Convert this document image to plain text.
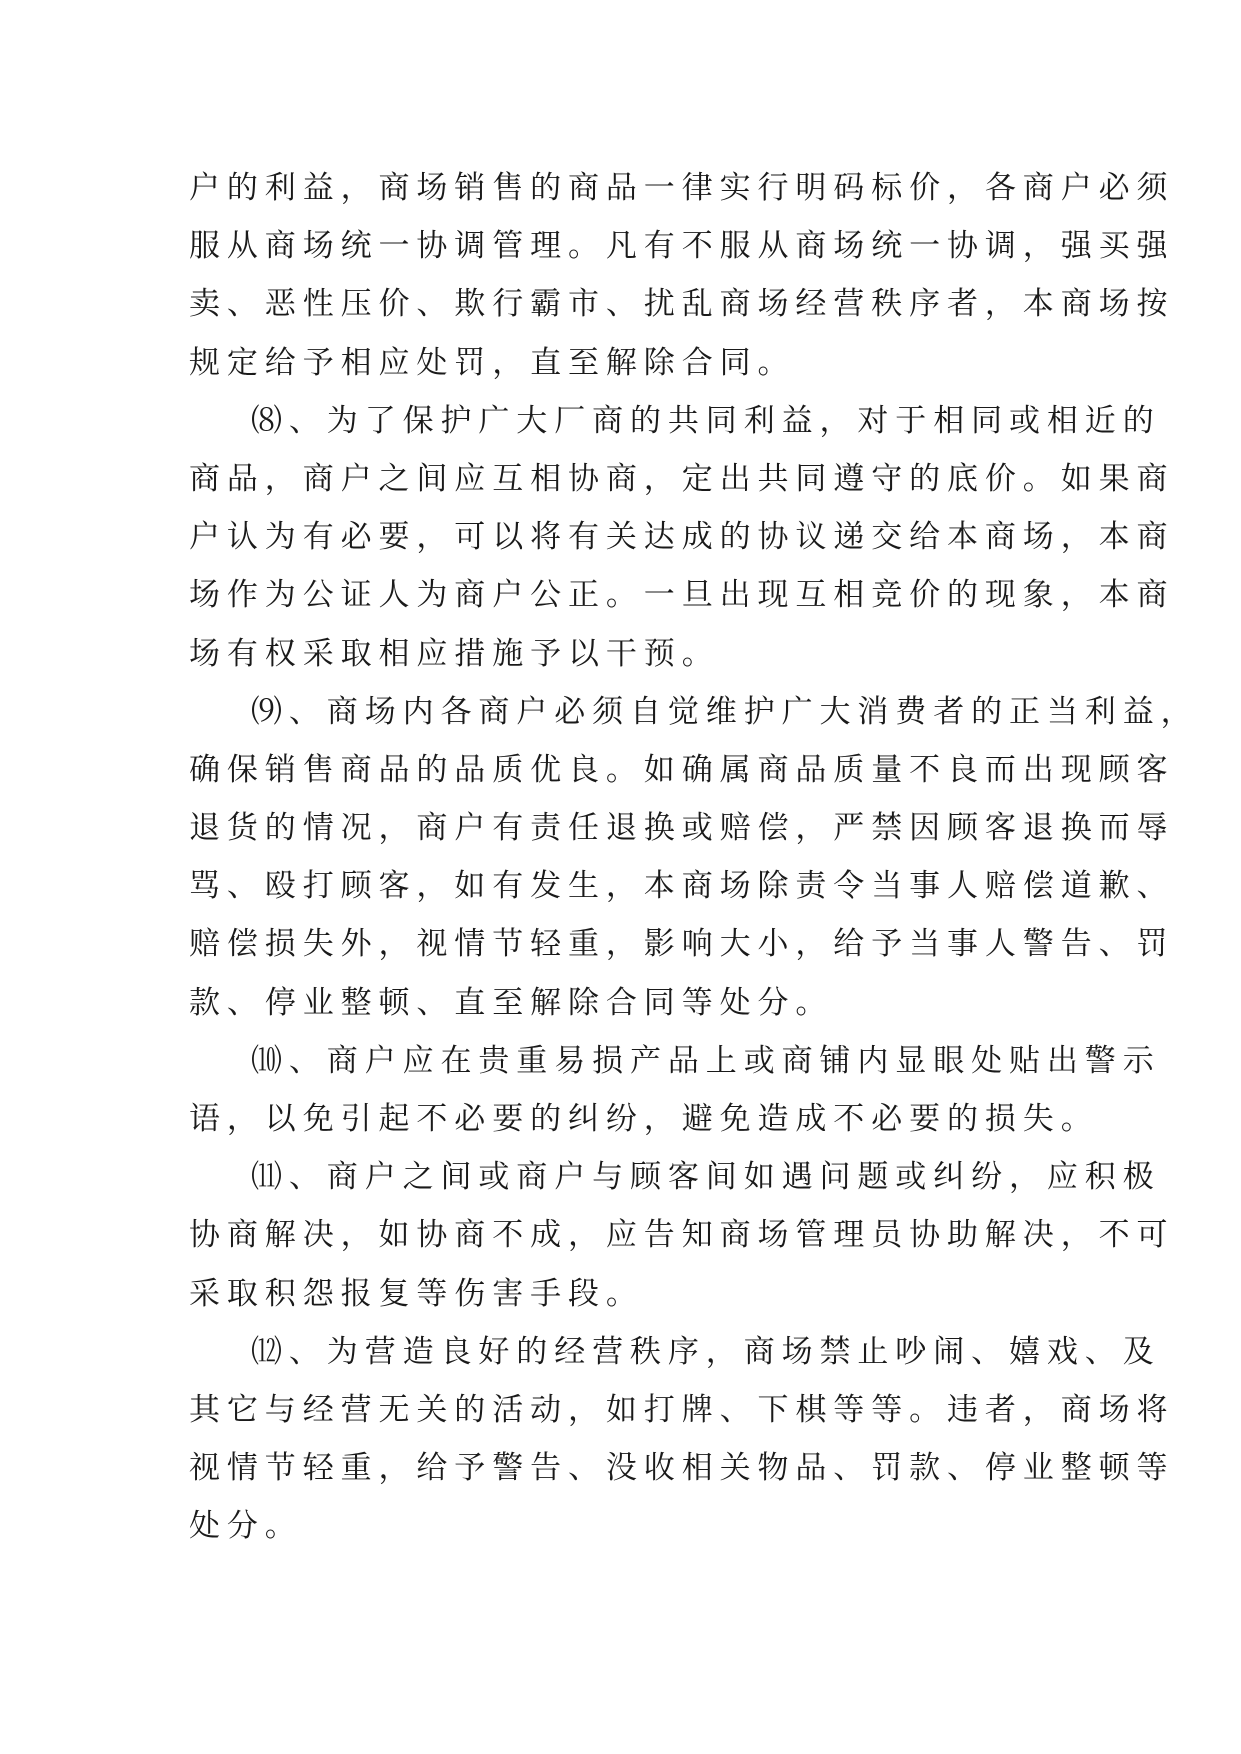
户的利益，商场销售的商品一律实行明码标价，各商户必须
服从商场统一协调管理。凡有不服从商场统一协调，强买强
卖、恶性压价、欺行霸市、扰乱商场经营秩序者，本商场按
规定给予相应处罚，直至解除合同。
⑻、为了保护广大厂商的共同利益，对于相同或相近的
商品，商户之间应互相协商，定出共同遵守的底价。如果商
户认为有必要，可以将有关达成的协议递交给本商场，本商
场作为公证人为商户公正。一旦出现互相竞价的现象，本商
场有权采取相应措施予以干预。
⑼、商场内各商户必须自觉维护广大消费者的正当利益，
确保销售商品的品质优良。如确属商品质量不良而出现顾客
退货的情况，商户有责任退换或赔偿，严禁因顾客退换而辱
骂、殴打顾客，如有发生，本商场除责令当事人赔偿道歉、
赔偿损失外，视情节轻重，影响大小，给予当事人警告、罚
款、停业整顿、直至解除合同等处分。
⑽、商户应在贵重易损产品上或商铺内显眼处贴出警示
语，以免引起不必要的纠纷，避免造成不必要的损失。
⑾、商户之间或商户与顾客间如遇问题或纠纷，应积极
协商解决，如协商不成，应告知商场管理员协助解决，不可
采取积怨报复等伤害手段。
⑿、为营造良好的经营秩序，商场禁止吵闹、嬉戏、及
其它与经营无关的活动，如打牌、下棋等等。违者，商场将
视情节轻重，给予警告、没收相关物品、罚款、停业整顿等
处分。
